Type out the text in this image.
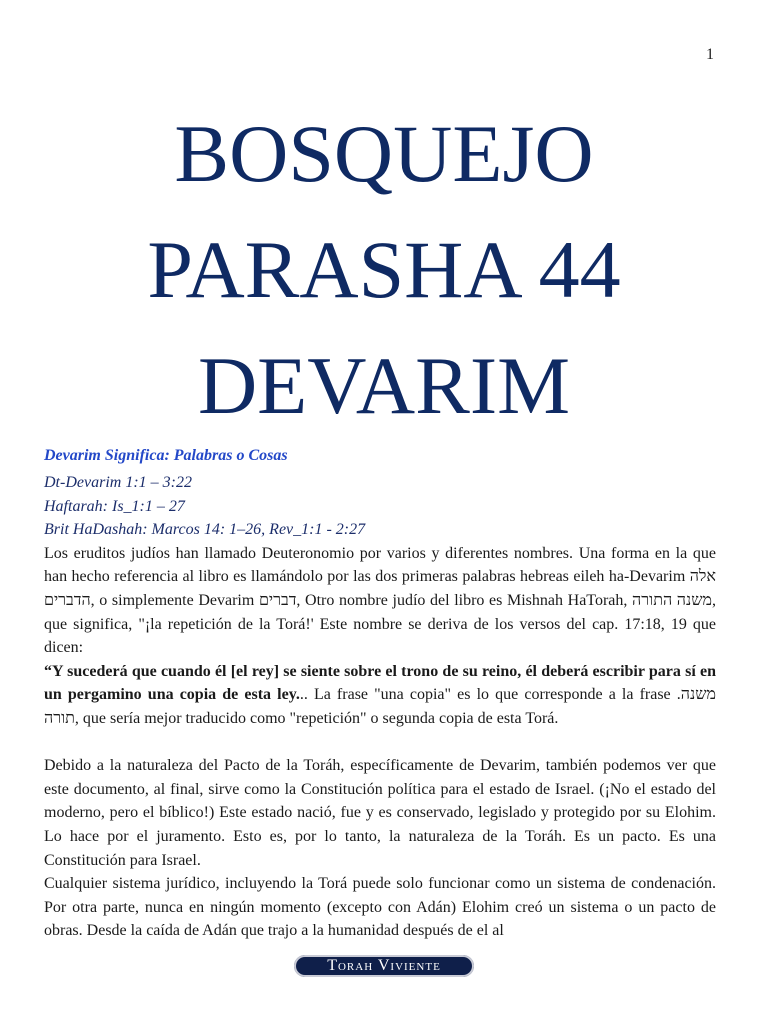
1
BOSQUEJO
PARASHA 44
DEVARIM
Devarim Significa: Palabras o Cosas
Dt-Devarim 1:1 – 3:22
Haftarah: Is_1:1 – 27
Brit HaDashah: Marcos 14: 1–26, Rev_1:1 - 2:27

Los eruditos judíos han llamado Deuteronomio por varios y diferentes nombres. Una forma en la que han hecho referencia al libro es llamándolo por las dos primeras palabras hebreas eileh ha-Devarim אלה הדברים, o simplemente Devarim דברים, Otro nombre judío del libro es Mishnah HaTorah, משנה התורה, que significa, "¡la repetición de la Torá!' Este nombre se deriva de los versos del cap. 17:18, 19 que dicen:

“Y sucederá que cuando él [el rey] se siente sobre el trono de su reino, él deberá escribir para sí en un pergamino una copia de esta ley... La frase "una copia" es lo que corresponde a la frase .משנה תורה, que sería mejor traducido como "repetición" o segunda copia de esta Torá.

Debido a la naturaleza del Pacto de la Toráh, específicamente de Devarim, también podemos ver que este documento, al final, sirve como la Constitución política para el estado de Israel. (¡No el estado del moderno, pero el bíblico!) Este estado nació, fue y es conservado, legislado y protegido por su Elohim. Lo hace por el juramento. Esto es, por lo tanto, la naturaleza de la Toráh. Es un pacto. Es una Constitución para Israel.

Cualquier sistema jurídico, incluyendo la Torá puede solo funcionar como un sistema de condenación. Por otra parte, nunca en ningún momento (excepto con Adán) Elohim creó un sistema o un pacto de obras. Desde la caída de Adán que trajo a la humanidad después de el al

Torah Viviente
